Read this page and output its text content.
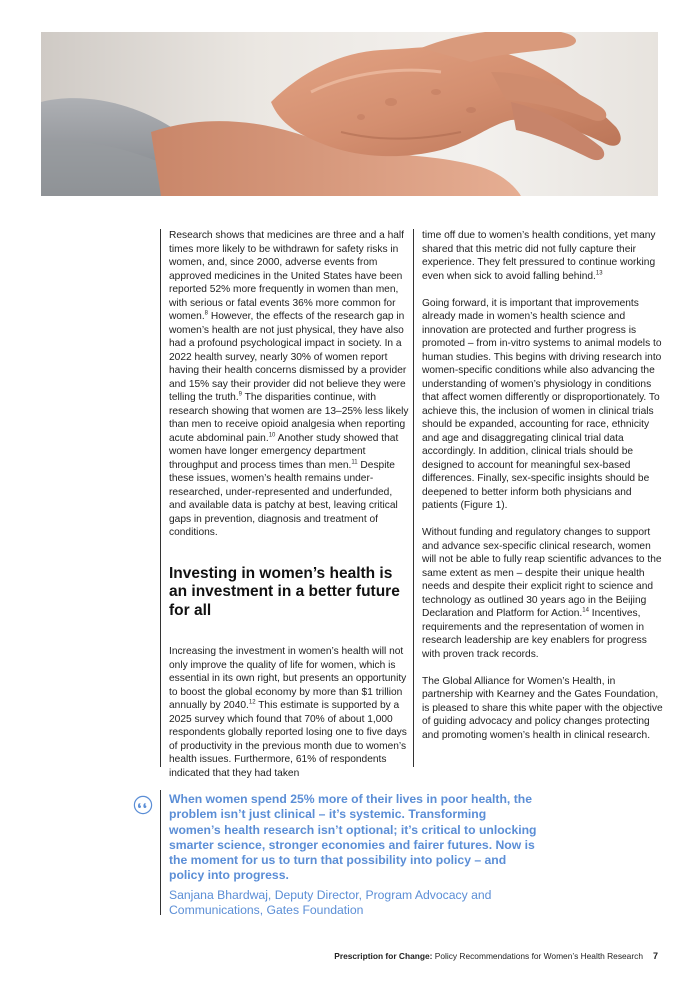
Research shows that medicines are three and a half times more likely to be withdrawn for safety risks in women, and, since 2000, adverse events from approved medicines in the United States have been reported 52% more frequently in women than men, with serious or fatal events 36% more common for women.$^8$ However, the effects of the research gap in women’s health are not just physical, they have also had a profound psychological impact in society. In a 2022 health survey, nearly 30% of women report having their health concerns dismissed by a provider and 15% say their provider did not believe they were telling the truth.$^9$ The disparities continue, with research showing that women are 13–25% less likely than men to receive opioid analgesia when reporting acute abdominal pain.$^{10}$ Another study showed that women have longer emergency department throughput and process times than men.$^{11}$ Despite these issues, women’s health remains under-researched, under-represented and underfunded, and available data is patchy at best, leaving critical gaps in prevention, diagnosis and treatment of conditions.

Investing in women’s health is an investment in a better future for all

Increasing the investment in women’s health will not only improve the quality of life for women, which is essential in its own right, but presents an opportunity to boost the global economy by more than $1 trillion annually by 2040.12 This estimate is supported by a 2025 survey which found that 70% of about 1,000 respondents globally reported losing one to five days of productivity in the previous month due to women’s health issues. Furthermore, 61% of respondents indicated that they had taken

time off due to women’s health conditions, yet many shared that this metric did not fully capture their experience. They felt pressured to continue working even when sick to avoid falling behind.$^{13}$

Going forward, it is important that improvements already made in women’s health science and innovation are protected and further progress is promoted – from in-vitro systems to animal models to human studies. This begins with driving research into women-specific conditions while also advancing the understanding of women’s physiology in conditions that affect women differently or disproportionately. To achieve this, the inclusion of women in clinical trials should be expanded, accounting for race, ethnicity and age and disaggregating clinical trial data accordingly. In addition, clinical trials should be designed to account for meaningful sex-based differences. Finally, sex-specific insights should be deepened to better inform both physicians and patients (Figure 1).

Without funding and regulatory changes to support and advance sex-specific clinical research, women will not be able to fully reap scientific advances to the same extent as men – despite their unique health needs and despite their explicit right to science and technology as outlined 30 years ago in the Beijing Declaration and Platform for Action.$^{14}$ Incentives, requirements and the representation of women in research leadership are key enablers for progress with proven track records.

The Global Alliance for Women’s Health, in partnership with Kearney and the Gates Foundation, is pleased to share this white paper with the objective of guiding advocacy and policy changes protecting and promoting women’s health in clinical research.

When women spend 25% more of their lives in poor health, the problem isn’t just clinical – it’s systemic. Transforming women’s health research isn’t optional; it’s critical to unlocking smarter science, stronger economies and fairer futures. Now is the moment for us to turn that possibility into policy – and policy into progress.

Sanjana Bhardwaj, Deputy Director, Program Advocacy and Communications, Gates Foundation

Prescription for Change: Policy Recommendations for Women’s Health Research 7
